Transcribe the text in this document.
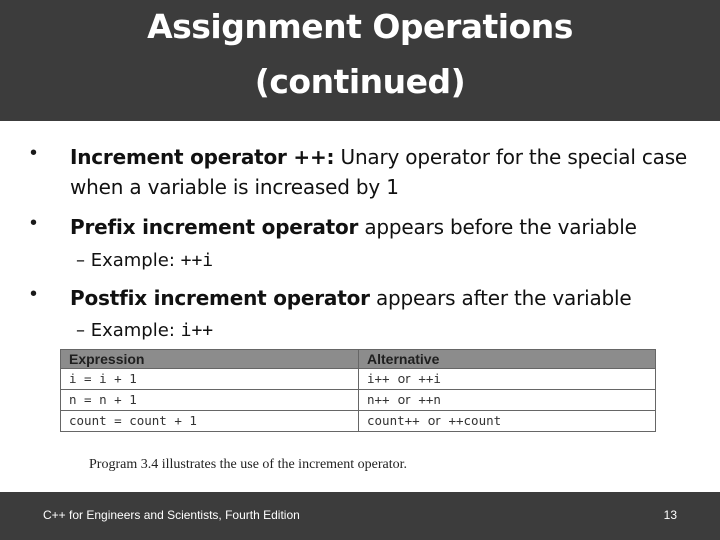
Assignment Operations
(continued)
• Increment operator ++: Unary operator for the special case when a variable is increased by 1
• Prefix increment operator appears before the variable
– Example: ++i
• Postfix increment operator appears after the variable
– Example: i++
Expression	Alternative
i = i + 1	i++ or ++i
n = n + 1	n++ or ++n
count = count + 1	count++ or ++count
Program 3.4 illustrates the use of the increment operator.
C++ for Engineers and Scientists, Fourth Edition	13
